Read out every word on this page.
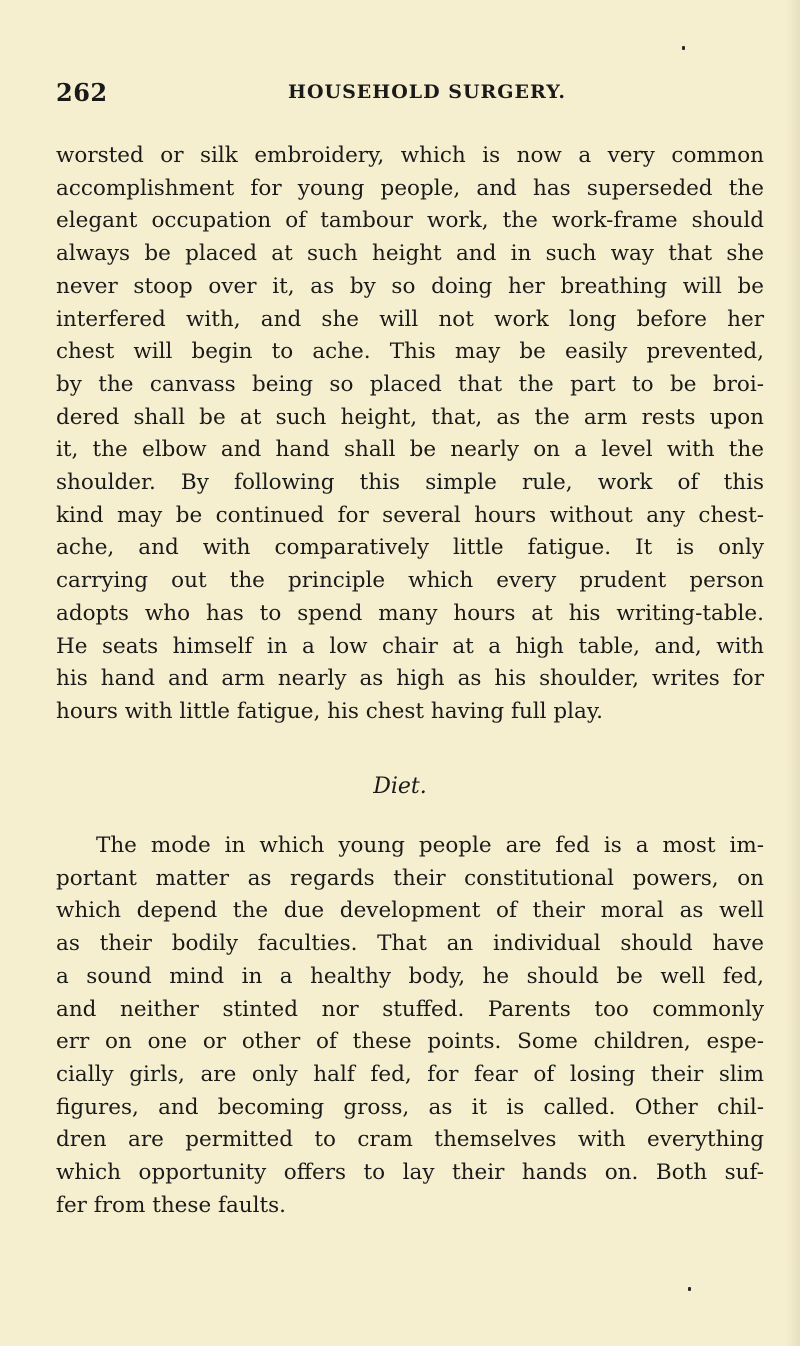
262	HOUSEHOLD SURGERY.

worsted or silk embroidery, which is now a very common
accomplishment for young people, and has superseded the
elegant occupation of tambour work, the work-frame should
always be placed at such height and in such way that she
never stoop over it, as by so doing her breathing will be
interfered with, and she will not work long before her
chest will begin to ache. This may be easily prevented,
by the canvass being so placed that the part to be broi-
dered shall be at such height, that, as the arm rests upon
it, the elbow and hand shall be nearly on a level with the
shoulder. By following this simple rule, work of this
kind may be continued for several hours without any chest-
ache, and with comparatively little fatigue. It is only
carrying out the principle which every prudent person
adopts who has to spend many hours at his writing-table.
He seats himself in a low chair at a high table, and, with
his hand and arm nearly as high as his shoulder, writes for
hours with little fatigue, his chest having full play.

Diet.

The mode in which young people are fed is a most im-
portant matter as regards their constitutional powers, on
which depend the due development of their moral as well
as their bodily faculties. That an individual should have
a sound mind in a healthy body, he should be well fed,
and neither stinted nor stuffed. Parents too commonly
err on one or other of these points. Some children, espe-
cially girls, are only half fed, for fear of losing their slim
figures, and becoming gross, as it is called. Other chil-
dren are permitted to cram themselves with everything
which opportunity offers to lay their hands on. Both suf-
fer from these faults.
